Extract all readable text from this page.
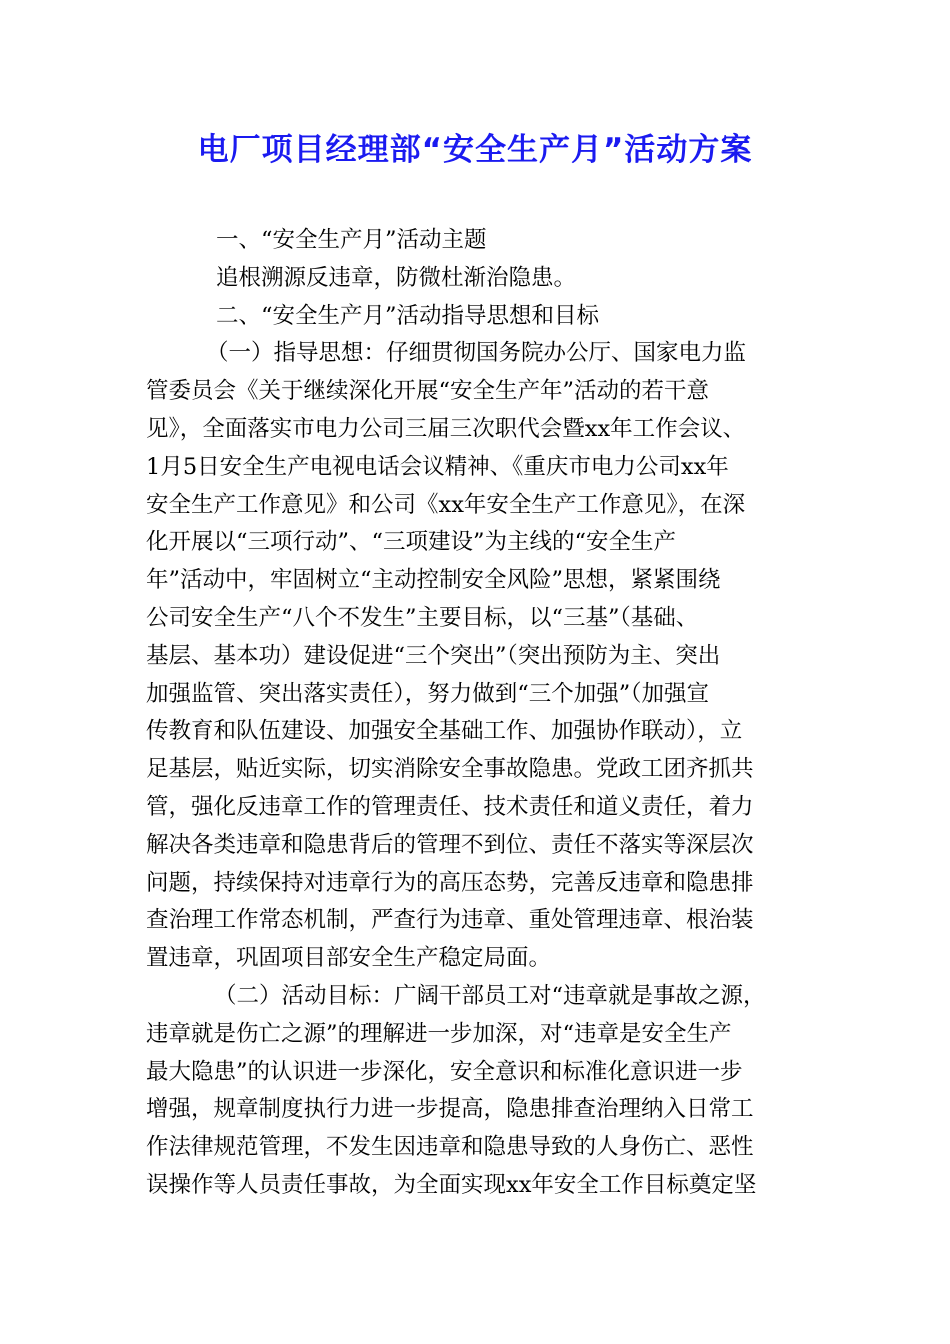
电厂项目经理部“安全生产月”活动方案
一、“安全生产月”活动主题
追根溯源反违章，防微杜渐治隐患。
二、“安全生产月”活动指导思想和目标
（一）指导思想：仔细贯彻国务院办公厅、国家电力监
管委员会《关于继续深化开展“安全生产年”活动的若干意
见》，全面落实市电力公司三届三次职代会暨xx年工作会议、
1月5日安全生产电视电话会议精神、《重庆市电力公司xx年
安全生产工作意见》和公司《xx年安全生产工作意见》，在深
化开展以“三项行动”、“三项建设”为主线的“安全生产
年”活动中，牢固树立“主动控制安全风险”思想，紧紧围绕
公司安全生产“八个不发生”主要目标，以“三基”（基础、
基层、基本功）建设促进“三个突出”（突出预防为主、突出
加强监管、突出落实责任），努力做到“三个加强”（加强宣
传教育和队伍建设、加强安全基础工作、加强协作联动），立
足基层，贴近实际，切实消除安全事故隐患。党政工团齐抓共
管，强化反违章工作的管理责任、技术责任和道义责任，着力
解决各类违章和隐患背后的管理不到位、责任不落实等深层次
问题，持续保持对违章行为的高压态势，完善反违章和隐患排
查治理工作常态机制，严查行为违章、重处管理违章、根治装
置违章，巩固项目部安全生产稳定局面。
（二）活动目标：广阔干部员工对“违章就是事故之源，
违章就是伤亡之源”的理解进一步加深，对“违章是安全生产
最大隐患”的认识进一步深化，安全意识和标准化意识进一步
增强，规章制度执行力进一步提高，隐患排查治理纳入日常工
作法律规范管理，不发生因违章和隐患导致的人身伤亡、恶性
误操作等人员责任事故，为全面实现xx年安全工作目标奠定坚
